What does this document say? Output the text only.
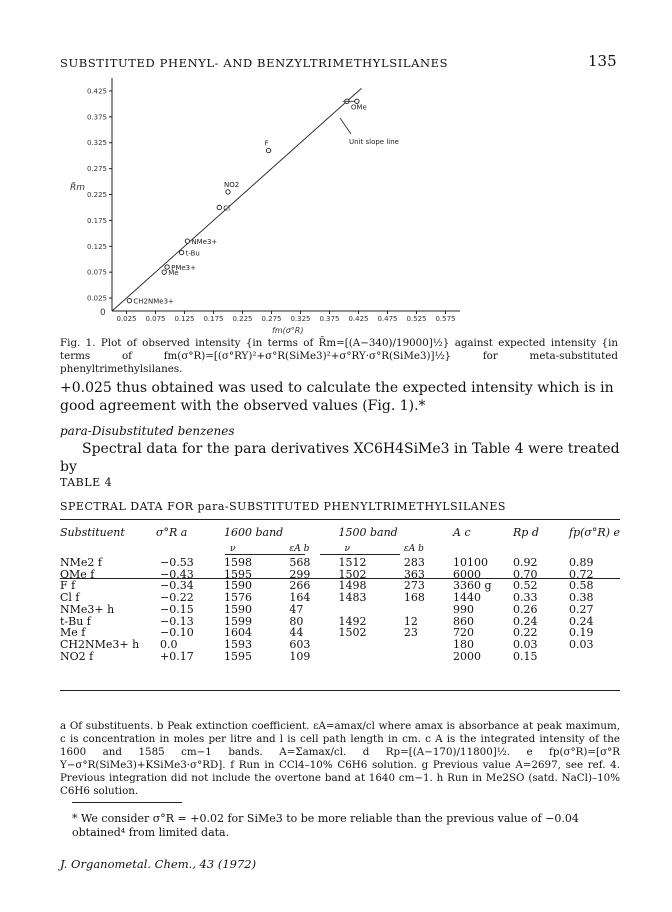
SUBSTITUTED PHENYL- AND BENZYLTRIMETHYLSILANES	135
0.425
0.375
0.325
0.275
0.225
0.175
0.125
0.075
0.025
0.025 0.075 0.125 0.175 0.225 0.275 0.325 0.375 0.425 0.475 0.525 0.575
OMe
F
NO2
Cl
NMe3+
t-Bu
PMe3+
Me
CH2NMe3+
R̄m
fm(σ°R)
0
Unit slope line
Fig. 1. Plot of observed intensity {in terms of R̄m=[(A−340)/19000]½} against expected intensity {in terms of fm(σ°R)=[(σ°RY)²+σ°R(SiMe3)²+σ°RY·σ°R(SiMe3)]½} for meta-substituted phenyltrimethylsilanes.
+0.025 thus obtained was used to calculate the expected intensity which is in good agreement with the observed values (Fig. 1).*
para-Disubstituted benzenes
Spectral data for the para derivatives XC6H4SiMe3 in Table 4 were treated by
TABLE 4
SPECTRAL DATA FOR para-SUBSTITUTED PHENYLTRIMETHYLSILANES
Substituent	σ°R a	1600 band		1500 band		A c	Rp d	fp(σ°R) e
		ν	εA b	ν	εA b			
NMe2 f	−0.53	1598	568	1512	283	10100	0.92	0.89
OMe f	−0.43	1595	299	1502	363	6000	0.70	0.72
F f	−0.34	1590	266	1498	273	3360 g	0.52	0.58
Cl f	−0.22	1576	164	1483	168	1440	0.33	0.38
NMe3+ h	−0.15	1590	47			990	0.26	0.27
t-Bu f	−0.13	1599	80	1492	12	860	0.24	0.24
Me f	−0.10	1604	44	1502	23	720	0.22	0.19
CH2NMe3+ h	0.0	1593	603			180	0.03	0.03
NO2 f	+0.17	1595	109			2000	0.15	
a Of substituents. b Peak extinction coefficient. εA=amax/cl where amax is absorbance at peak maximum, c is concentration in moles per litre and l is cell path length in cm. c A is the integrated intensity of the 1600 and 1585 cm−1 bands. A=Σamax/cl. d Rp=[(A−170)/11800]½. e fp(σ°R)=[σ°R Y−σ°R(SiMe3)+KSiMe3·σ°RD]. f Run in CCl4–10% C6H6 solution. g Previous value A=2697, see ref. 4. Previous integration did not include the overtone band at 1640 cm−1. h Run in Me2SO (satd. NaCl)–10% C6H6 solution.
* We consider σ°R = +0.02 for SiMe3 to be more reliable than the previous value of −0.04 obtained⁴ from limited data.
J. Organometal. Chem., 43 (1972)
